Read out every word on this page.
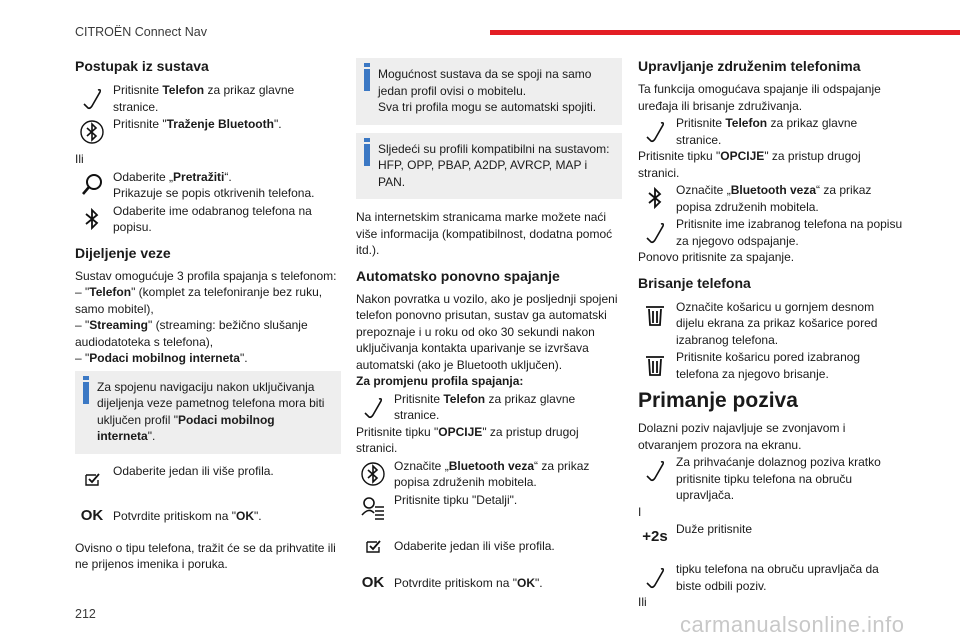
CITROËN Connect Nav
Postupak iz sustava
Pritisnite Telefon za prikaz glavne stranice.
Pritisnite "Traženje Bluetooth".

Ili

Odaberite „Pretražiti“.
Prikazuje se popis otkrivenih telefona.
Odaberite ime odabranog telefona na popisu.
Dijeljenje veze

Sustav omogućuje 3 profila spajanja s telefonom:
– "Telefon" (komplet za telefoniranje bez ruku, samo mobitel),
– "Streaming" (streaming: bežično slušanje audiodatoteka s telefona),
– "Podaci mobilnog interneta".

Za spojenu navigaciju nakon uključivanja dijeljenja veze pametnog telefona mora biti uključen profil "Podaci mobilnog interneta".
Odaberite jedan ili više profila.
OK Potvrdite pritiskom na "OK".

Ovisno o tipu telefona, tražit će se da prihvatite ili ne prijenos imenika i poruka.

Mogućnost sustava da se spoji na samo jedan profil ovisi o mobitelu.
Sva tri profila mogu se automatski spojiti.
Sljedeći su profili kompatibilni na sustavom: HFP, OPP, PBAP, A2DP, AVRCP, MAP i PAN.

Na internetskim stranicama marke možete naći više informacija (kompatibilnost, dodatna pomoć itd.).

Automatsko ponovno spajanje

Nakon povratka u vozilo, ako je posljednji spojeni telefon ponovno prisutan, sustav ga automatski prepoznaje i u roku od oko 30 sekundi nakon uključivanja kontakta uparivanje se izvršava automatski (ako je Bluetooth uključen).

Za promjenu profila spajanja:

Pritisnite Telefon za prikaz glavne stranice.

Pritisnite tipku "OPCIJE" za pristup drugoj stranici.

Označite „Bluetooth veza“ za prikaz popisa združenih mobitela.
Pritisnite tipku "Detalji".
Odaberite jedan ili više profila.
OK Potvrdite pritiskom na "OK".
Upravljanje združenim telefonima

Ta funkcija omogućava spajanje ili odspajanje uređaja ili brisanje združivanja.

Pritisnite Telefon za prikaz glavne stranice.

Pritisnite tipku "OPCIJE" za pristup drugoj stranici.

Označite „Bluetooth veza“ za prikaz popisa združenih mobitela.
Pritisnite ime izabranog telefona na popisu za njegovo odspajanje.

Ponovo pritisnite za spajanje.

Brisanje telefona
Označite košaricu u gornjem desnom dijelu ekrana za prikaz košarice pored izabranog telefona.
Pritisnite košaricu pored izabranog telefona za njegovo brisanje.
Primanje poziva

Dolazni poziv najavljuje se zvonjavom i otvaranjem prozora na ekranu.

Za prihvaćanje dolaznog poziva kratko pritisnite tipku telefona na obruču upravljača.

I

+2s Duže pritisnite
tipku telefona na obruču upravljača da biste odbili poziv.

Ili

212	carmanualsonline.info
